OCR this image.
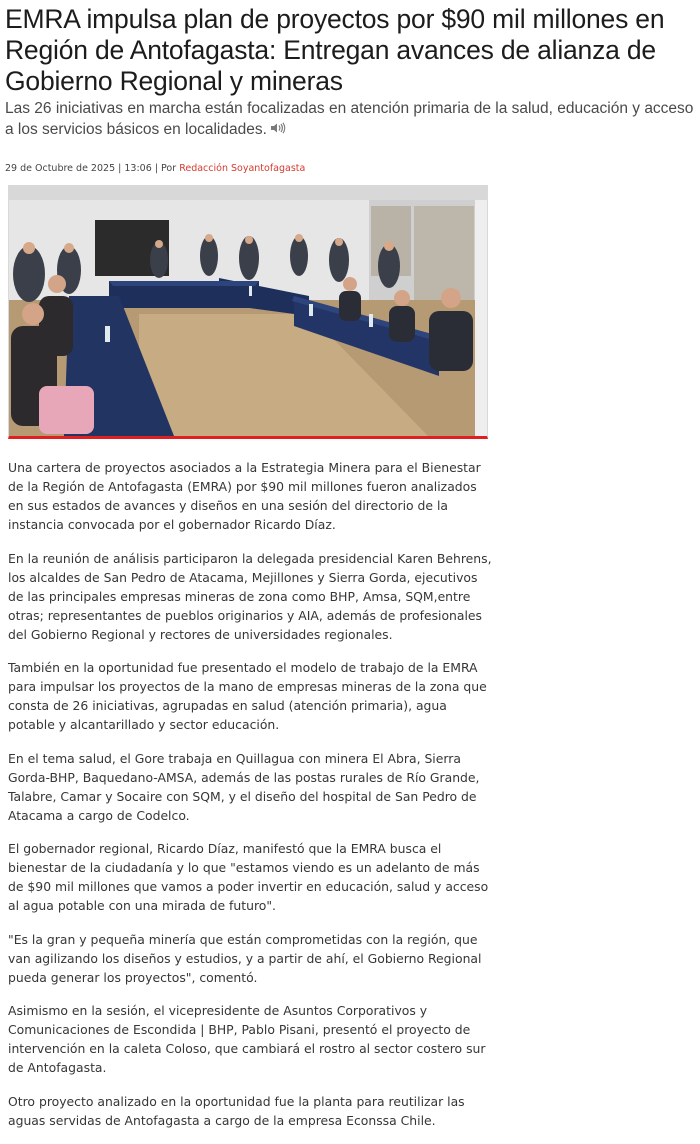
EMRA impulsa plan de proyectos por $90 mil millones en Región de Antofagasta: Entregan avances de alianza de Gobierno Regional y mineras

Las 26 iniciativas en marcha están focalizadas en atención primaria de la salud, educación y acceso a los servicios básicos en localidades.

29 de Octubre de 2025 | 13:06 | Por Redacción Soyantofagasta

Una cartera de proyectos asociados a la Estrategia Minera para el Bienestar de la Región de Antofagasta (EMRA) por $90 mil millones fueron analizados en sus estados de avances y diseños en una sesión del directorio de la instancia convocada por el gobernador Ricardo Díaz.

En la reunión de análisis participaron la delegada presidencial Karen Behrens, los alcaldes de San Pedro de Atacama, Mejillones y Sierra Gorda, ejecutivos de las principales empresas mineras de zona como BHP, Amsa, SQM,entre otras; representantes de pueblos originarios y AIA, además de profesionales del Gobierno Regional y rectores de universidades regionales.

También en la oportunidad fue presentado el modelo de trabajo de la EMRA para impulsar los proyectos de la mano de empresas mineras de la zona que consta de 26 iniciativas, agrupadas en salud (atención primaria), agua potable y alcantarillado y sector educación.

En el tema salud, el Gore trabaja en Quillagua con minera El Abra, Sierra Gorda-BHP, Baquedano-AMSA, además de las postas rurales de Río Grande, Talabre, Camar y Socaire con SQM, y el diseño del hospital de San Pedro de Atacama a cargo de Codelco.

El gobernador regional, Ricardo Díaz, manifestó que la EMRA busca el bienestar de la ciudadanía y lo que "estamos viendo es un adelanto de más de $90 mil millones que vamos a poder invertir en educación, salud y acceso al agua potable con una mirada de futuro".

"Es la gran y pequeña minería que están comprometidas con la región, que van agilizando los diseños y estudios, y a partir de ahí, el Gobierno Regional pueda generar los proyectos", comentó.

Asimismo en la sesión, el vicepresidente de Asuntos Corporativos y Comunicaciones de Escondida | BHP, Pablo Pisani, presentó el proyecto de intervención en la caleta Coloso, que cambiará el rostro al sector costero sur de Antofagasta.

Otro proyecto analizado en la oportunidad fue la planta para reutilizar las aguas servidas de Antofagasta a cargo de la empresa Econssa Chile.
